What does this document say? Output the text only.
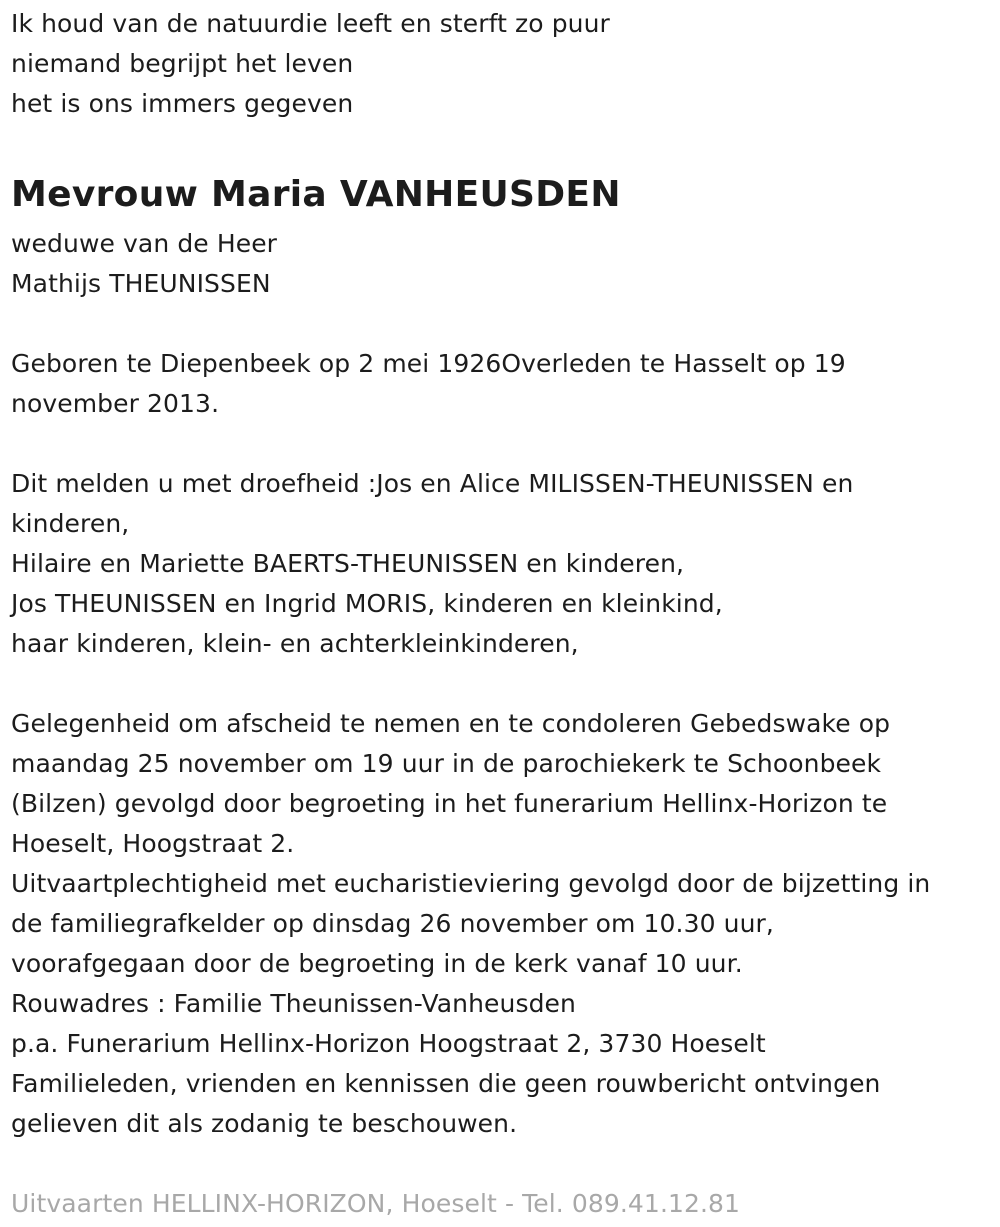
Ik houd van de natuurdie leeft en sterft zo puur
niemand begrijpt het leven
het is ons immers gegeven
Mevrouw Maria VANHEUSDEN
weduwe van de Heer
Mathijs THEUNISSEN
Geboren te Diepenbeek op 2 mei 1926Overleden te Hasselt op 19
november 2013.
Dit melden u met droefheid :Jos en Alice MILISSEN-THEUNISSEN en
kinderen,
Hilaire en Mariette BAERTS-THEUNISSEN en kinderen,
Jos THEUNISSEN en Ingrid MORIS, kinderen en kleinkind,
haar kinderen, klein- en achterkleinkinderen,
Gelegenheid om afscheid te nemen en te condoleren Gebedswake op
maandag 25 november om 19 uur in de parochiekerk te Schoonbeek
(Bilzen) gevolgd door begroeting in het funerarium Hellinx-Horizon te
Hoeselt, Hoogstraat 2.
Uitvaartplechtigheid met eucharistieviering gevolgd door de bijzetting in
de familiegrafkelder op dinsdag 26 november om 10.30 uur,
voorafgegaan door de begroeting in de kerk vanaf 10 uur.
Rouwadres : Familie Theunissen-Vanheusden
p.a. Funerarium Hellinx-Horizon Hoogstraat 2, 3730 Hoeselt
Familieleden, vrienden en kennissen die geen rouwbericht ontvingen
gelieven dit als zodanig te beschouwen.
Uitvaarten HELLINX-HORIZON, Hoeselt - Tel. 089.41.12.81
